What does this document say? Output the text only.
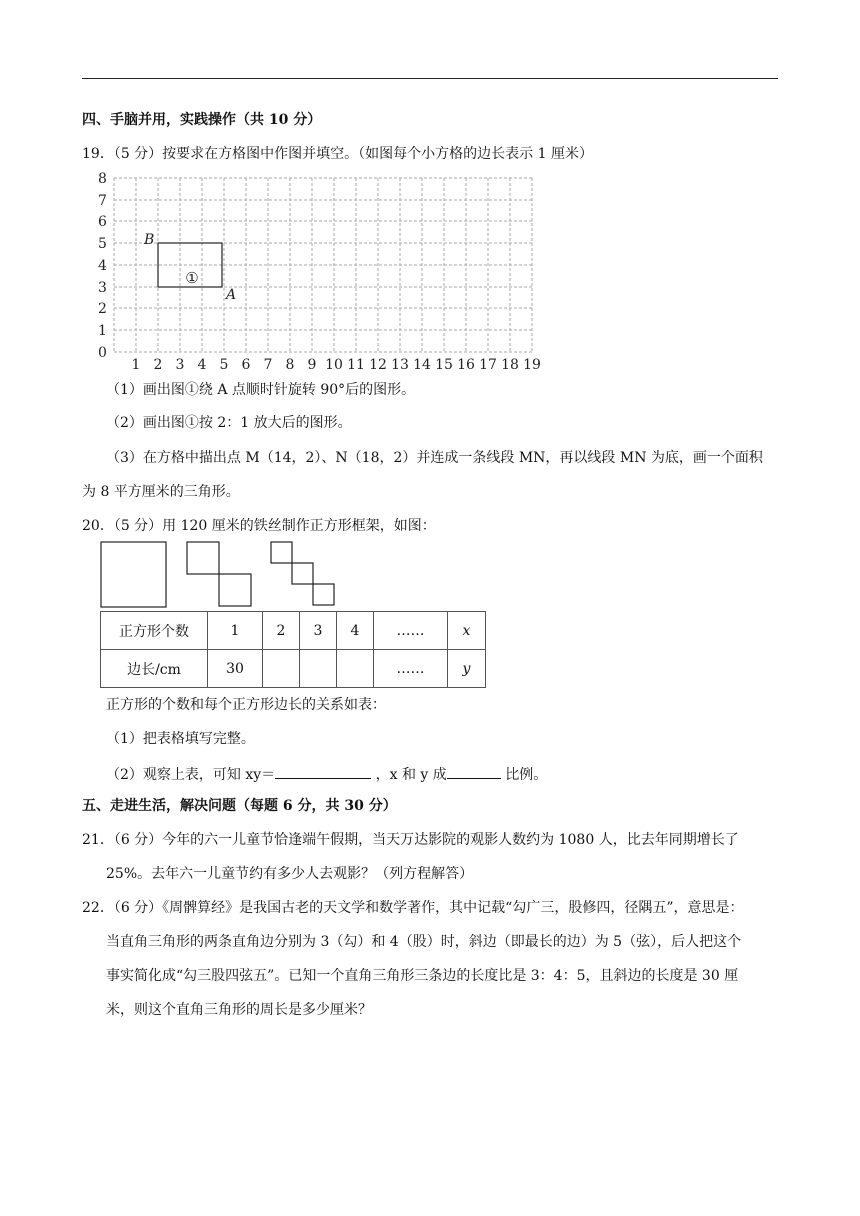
四、手脑并用，实践操作（共 10 分）
19．（5 分）按要求在方格图中作图并填空。（如图每个小方格的边长表示 1 厘米）
8
7
6
5
4
3
2
1
0
1 2 3 4 5 6 7 8 9 10 11 12 13 14 15 16 17 18 19
B
A
①
（1）画出图①绕 A 点顺时针旋转 90°后的图形。
（2）画出图①按 2：1 放大后的图形。
（3）在方格中描出点 M（14，2）、N（18，2）并连成一条线段 MN，再以线段 MN 为底，画一个面积
为 8 平方厘米的三角形。
20．（5 分）用 120 厘米的铁丝制作正方形框架，如图：
正方形个数	1	2	3	4	……	x
边长/cm	30				……	y
正方形的个数和每个正方形边长的关系如表：
（1）把表格填写完整。
（2）观察上表，可知 xy＝	，x 和 y 成	比例。
五、走进生活，解决问题（每题 6 分，共 30 分）
21．（6 分）今年的六一儿童节恰逢端午假期，当天万达影院的观影人数约为 1080 人，比去年同期增长了
25%。去年六一儿童节约有多少人去观影？（列方程解答）
22．（6 分）《周髀算经》是我国古老的天文学和数学著作，其中记载“勾广三，股修四，径隅五”，意思是：
当直角三角形的两条直角边分别为 3（勾）和 4（股）时，斜边（即最长的边）为 5（弦），后人把这个
事实简化成“勾三股四弦五”。已知一个直角三角形三条边的长度比是 3：4：5，且斜边的长度是 30 厘
米，则这个直角三角形的周长是多少厘米？
